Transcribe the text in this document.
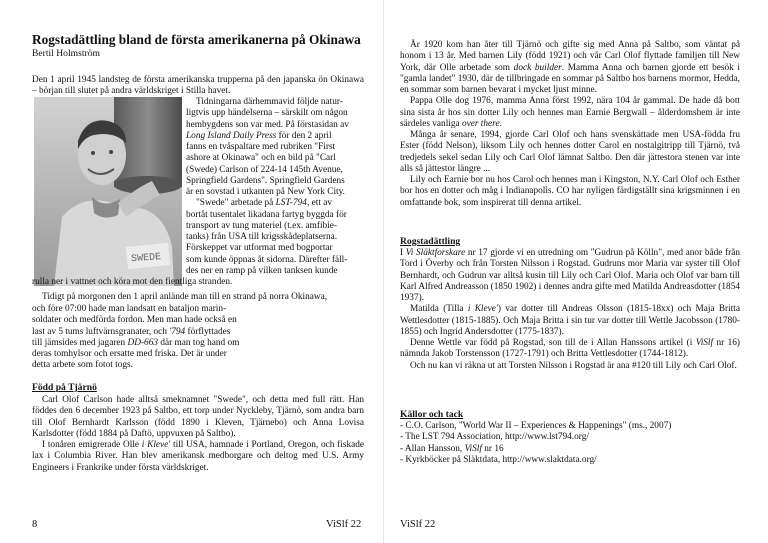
Rogstadättling bland de första amerikanerna på Okinawa
Bertil Holmström

Den 1 april 1945 landsteg de första amerikanska trupperna på den japanska ön Okinawa – början till slutet på andra världskriget i Stilla havet.

SWEDE

Tidningarna därhemmavid följde natur-

ligtvis upp händelserna – särskilt om någon

hembygdens son var med. På förstasidan av

Long Island Daily Press för den 2 april

fanns en tvåspaltare med rubriken "First

ashore at Okinawa" och en bild på "Carl

(Swede) Carlson of 224-14 145th Avenue,

Springfield Gardens". Springfield Gardens

är en sovstad i utkanten på New York City.

"Swede" arbetade på LST-794, ett av

bortåt tusentalet likadana fartyg byggda för

transport av tung materiel (t.ex. amfibie-

tanks) från USA till krigsskådeplatserna.

Förskeppet var utformat med bogportar

som kunde öppnas åt sidorna. Därefter fäll-

des ner en ramp på vilken tanksen kunde

rulla ner i vattnet och köra mot den fientliga stranden.

Tidigt på morgonen den 1 april anlände man till en strand på norra Okinawa,

och före 07:00 hade man landsatt en bataljon marin-

soldater och medförda fordon. Men man hade också en

last av 5 tums luftvärnsgranater, och '794 förflyttades

till jämsides med jagaren DD-663 där man tog hand om

deras tomhylsor och ersatte med friska. Det är under

detta arbete som fotot togs.

Född på Tjärnö

Carl Olof Carlson hade alltså smeknamnet "Swede", och detta med full rätt. Han föddes den 6 december 1923 på Saltbo, ett torp under Nyckleby, Tjärnö, som andra barn till Olof Bernhardt Karlsson (född 1890 i Kleven, Tjärnebo) och Anna Lovisa Karlsdotter (född 1884 på Daftö, uppvuxen på Saltbo).

I tonåren emigrerade Olle i Kleve' till USA, hamnade i Portland, Oregon, och fiskade lax i Columbia River. Han blev amerikansk medborgare och deltog med U.S. Army Engineers i Frankrike under första världskriget.

8	ViSlf 22

År 1920 kom han åter till Tjärnö och gifte sig med Anna på Saltbo, som väntat på honom i 13 år. Med barnen Lily (född 1921) och vår Carl Olof flyttade familjen till New York, där Olle arbetade som dock builder. Mamma Anna och barnen gjorde ett besök i "gamla landet" 1930, där de tillbringade en sommar på Saltbo hos barnens mormor, Hedda, en sommar som barnen bevarat i mycket ljust minne.

Pappa Olle dog 1976, mamma Anna först 1992, nära 104 år gammal. De hade då bott sina sista år hos sin dotter Lily och hennes man Earnie Bergwall – ålderdomshem är inte särdeles vanliga over there.

Många år senare, 1994, gjorde Carl Olof och hans svenskättade men USA-födda fru Ester (född Nelson), liksom Lily och hennes dotter Carol en nostalgitripp till Tjärnö, två tredjedels sekel sedan Lily och Carl Olof lämnat Saltbo. Den där jättestora stenen var inte alls så jättestor längre ...

Lily och Earnie bor nu hos Carol och hennes man i Kingston, N.Y. Carl Olof och Esther bor hos en dotter och måg i Indianapolis. CO har nyligen färdigställt sina krigsminnen i en omfattande bok, som inspirerat till denna artikel.

Rogstadättling

I Vi Släktforskare nr 17 gjorde vi en utredning om "Gudrun på Kölln", med anor både från Tord i Överby och från Torsten Nilsson i Rogstad. Gudruns mor Maria var syster till Olof Bernhardt, och Gudrun var alltså kusin till Lily och Carl Olof. Maria och Olof var barn till Karl Alfred Andreasson (1850 1902) i dennes andra gifte med Matilda Andreasdotter (1854 1937).

Matilda (Tilla i Kleve') var dotter till Andreas Olsson (1815-18xx) och Maja Britta Wettlesdotter (1815-1885). Och Maja Britta i sin tur var dotter till Wettle Jacobsson (1780-1855) och Ingrid Andersdotter (1775-1837).

Denne Wettle var född på Rogstad, son till de i Allan Hanssons artikel (i ViSlf nr 16) nämnda Jakob Torstensson (1727-1791) och Britta Vettlesdotter (1744-1812).

Och nu kan vi räkna ut att Torsten Nilsson i Rogstad är ana #120 till Lily och Carl Olof.

Källor och tack
- C.O. Carlson, "World War II – Experiences & Happenings" (ms., 2007)
- The LST 794 Association, http://www.lst794.org/
- Allan Hansson, ViSlf nr 16
- Kyrkböcker på Släktdata, http://www.slaktdata.org/
ViSlf 22
